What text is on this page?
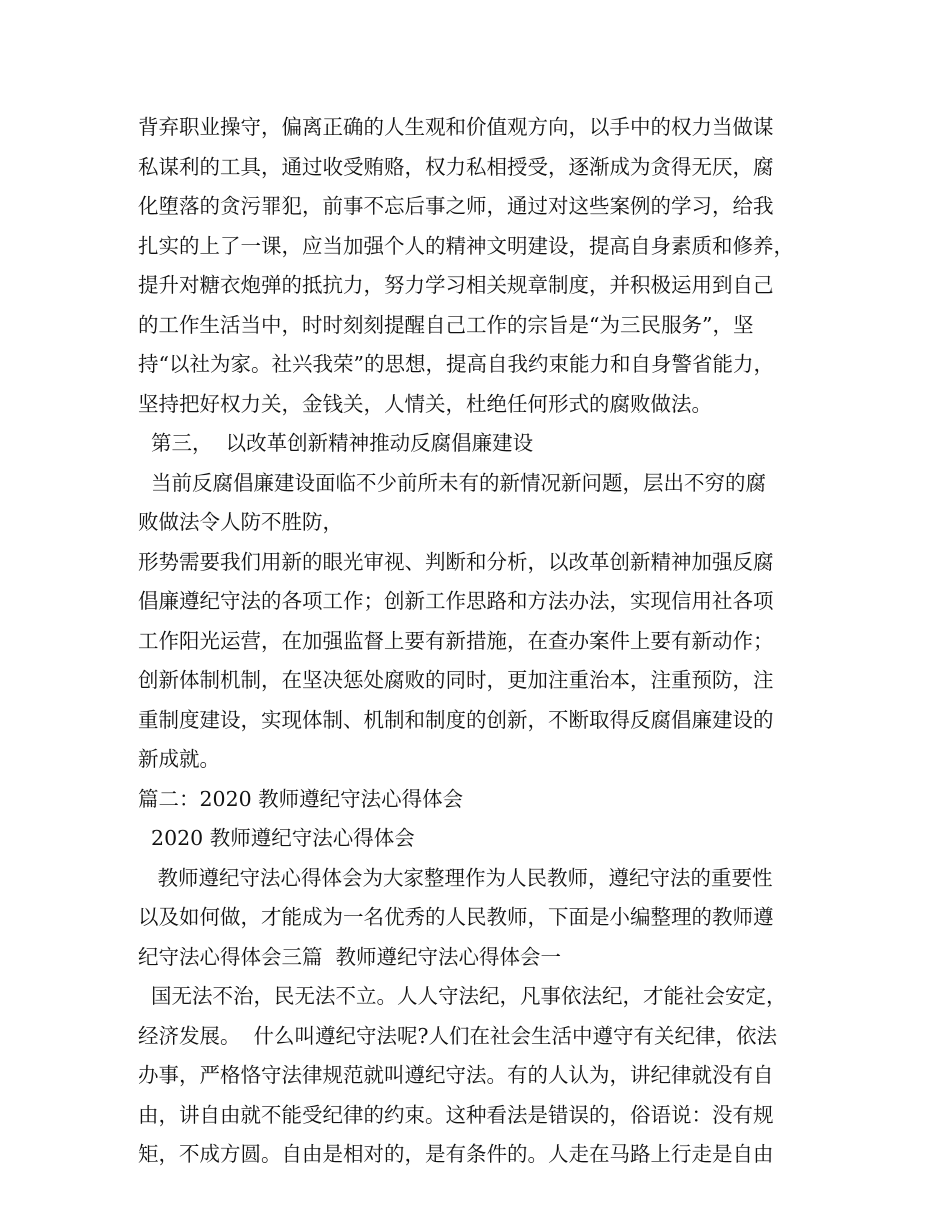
背弃职业操守，偏离正确的人生观和价值观方向，以手中的权力当做谋
私谋利的工具，通过收受贿赂，权力私相授受，逐渐成为贪得无厌，腐
化堕落的贪污罪犯，前事不忘后事之师，通过对这些案例的学习，给我
扎实的上了一课，应当加强个人的精神文明建设，提高自身素质和修养，
提升对糖衣炮弹的抵抗力，努力学习相关规章制度，并积极运用到自己
的工作生活当中，时时刻刻提醒自己工作的宗旨是“为三民服务”，坚
持“以社为家。社兴我荣”的思想，提高自我约束能力和自身警省能力，
坚持把好权力关，金钱关，人情关，杜绝任何形式的腐败做法。
第三，  以改革创新精神推动反腐倡廉建设
当前反腐倡廉建设面临不少前所未有的新情况新问题，层出不穷的腐
败做法令人防不胜防，
形势需要我们用新的眼光审视、判断和分析，以改革创新精神加强反腐
倡廉遵纪守法的各项工作；创新工作思路和方法办法，实现信用社各项
工作阳光运营，在加强监督上要有新措施，在查办案件上要有新动作；
创新体制机制，在坚决惩处腐败的同时，更加注重治本，注重预防，注
重制度建设，实现体制、机制和制度的创新，不断取得反腐倡廉建设的
新成就。
篇二：2020 教师遵纪守法心得体会
2020 教师遵纪守法心得体会
教师遵纪守法心得体会为大家整理作为人民教师，遵纪守法的重要性
以及如何做，才能成为一名优秀的人民教师，下面是小编整理的教师遵
纪守法心得体会三篇  教师遵纪守法心得体会一
国无法不治，民无法不立。人人守法纪，凡事依法纪，才能社会安定，
经济发展。  什么叫遵纪守法呢?人们在社会生活中遵守有关纪律，依法
办事，严格恪守法律规范就叫遵纪守法。有的人认为，讲纪律就没有自
由，讲自由就不能受纪律的约束。这种看法是错误的，俗语说：没有规
矩，不成方圆。自由是相对的，是有条件的。人走在马路上行走是自由
